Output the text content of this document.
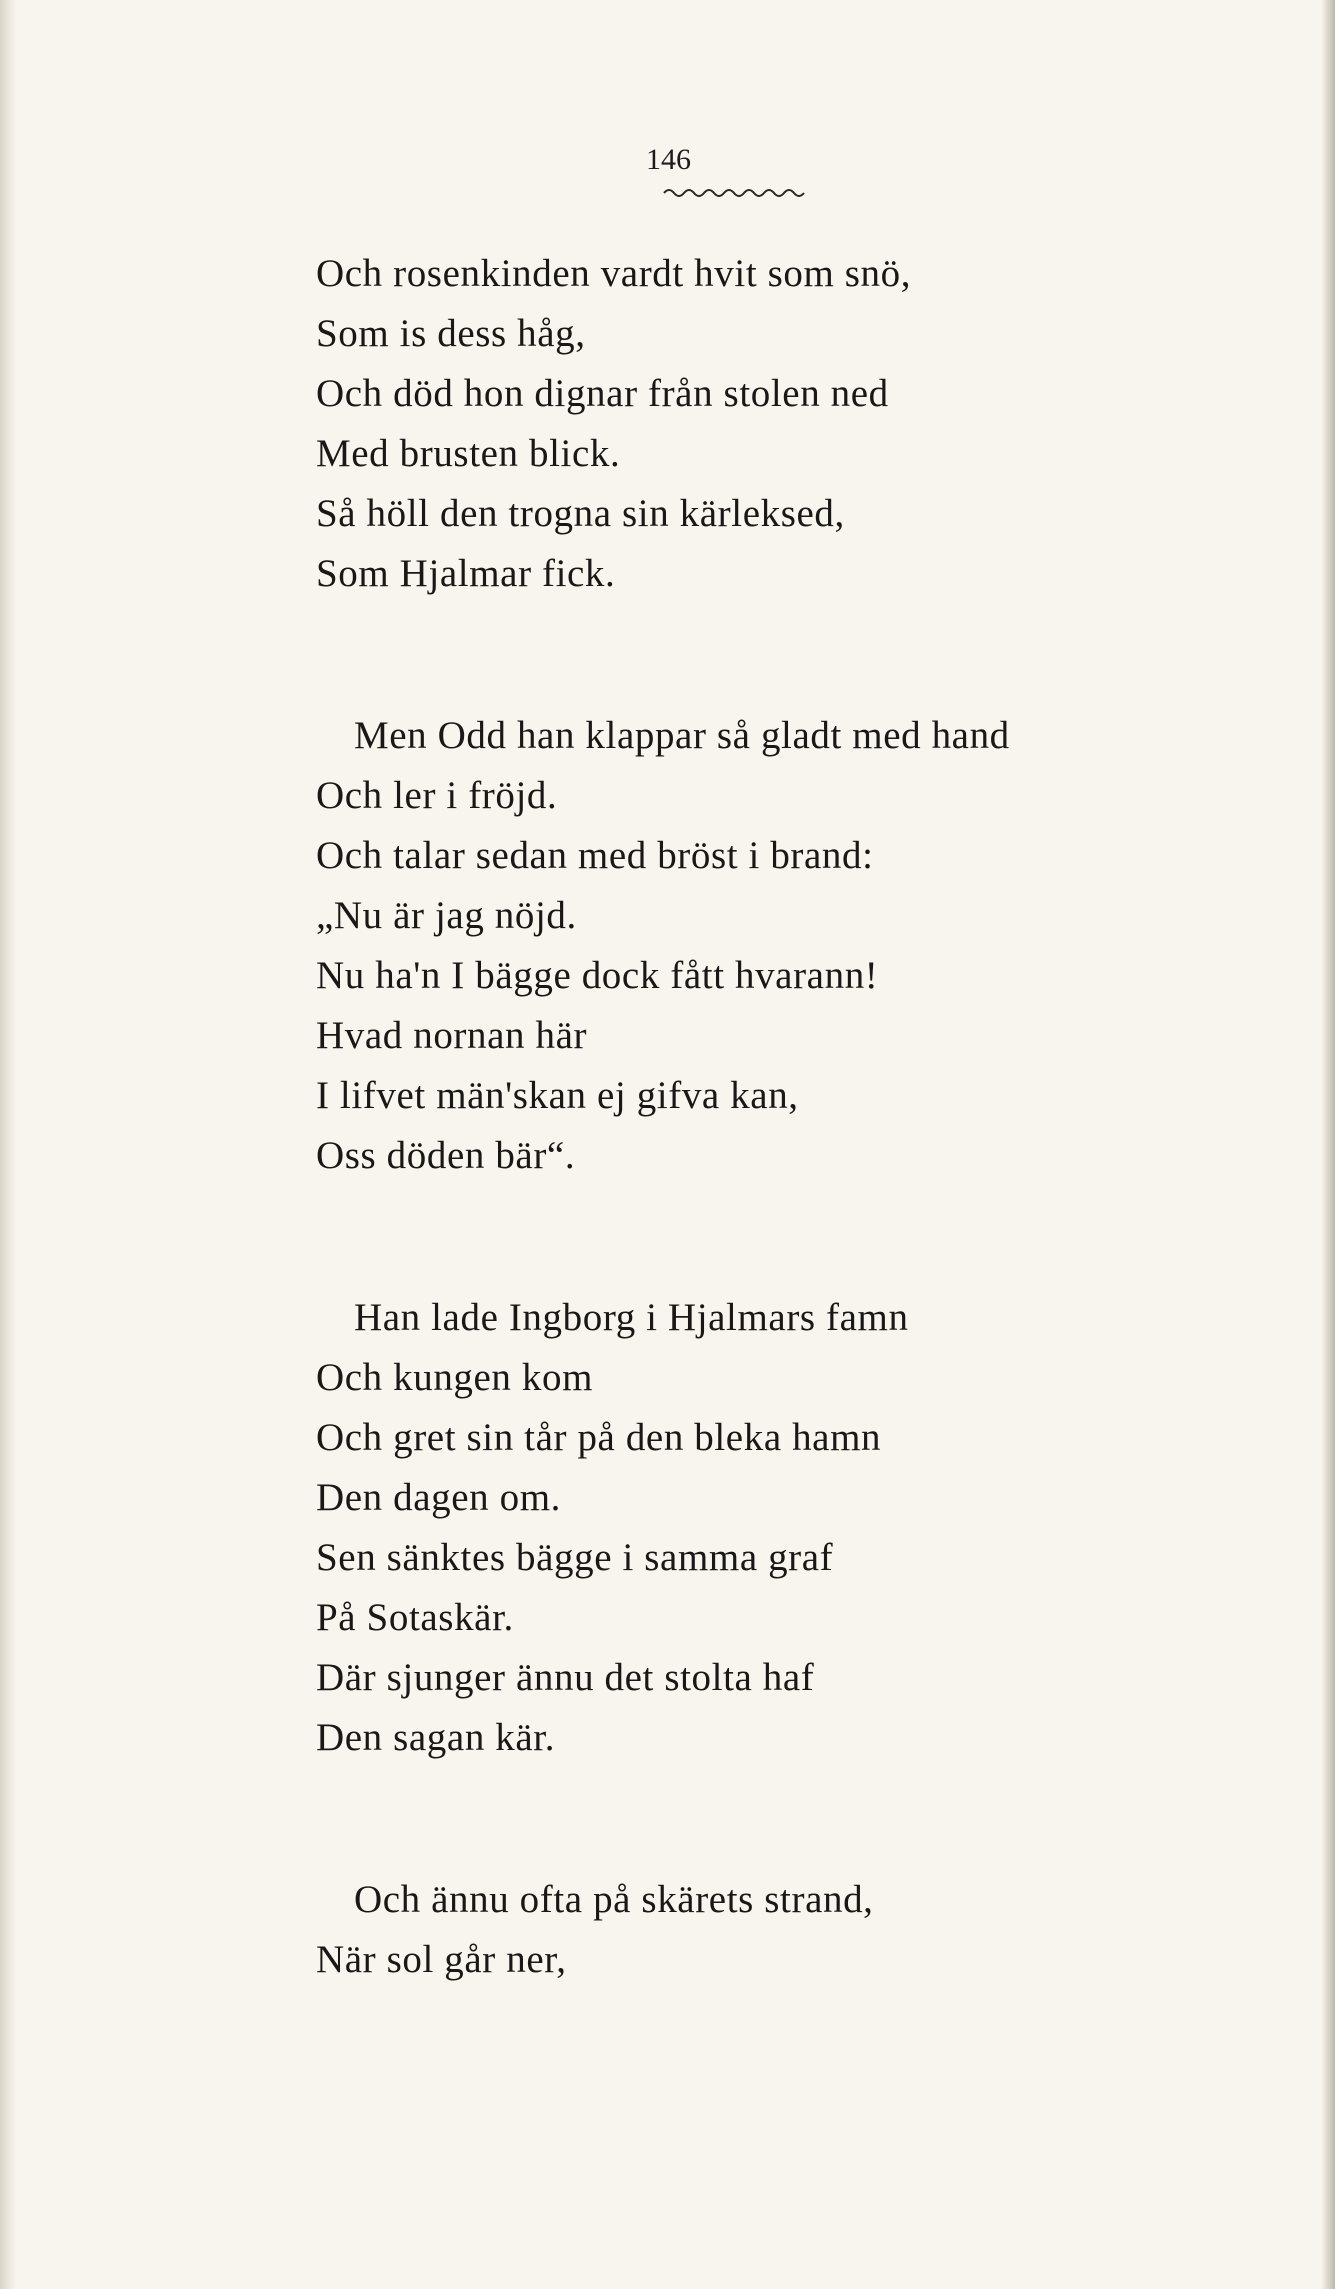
146
Och rosenkinden vardt hvit som snö,
Som is dess håg,
Och död hon dignar från stolen ned
Med brusten blick.
Så höll den trogna sin kärleksed,
Som Hjalmar fick.
Men Odd han klappar så gladt med hand
Och ler i fröjd.
Och talar sedan med bröst i brand:
„Nu är jag nöjd.
Nu ha'n I bägge dock fått hvarann!
Hvad nornan här
I lifvet män'skan ej gifva kan,
Oss döden bär“.
Han lade Ingborg i Hjalmars famn
Och kungen kom
Och gret sin tår på den bleka hamn
Den dagen om.
Sen sänktes bägge i samma graf
På Sotaskär.
Där sjunger ännu det stolta haf
Den sagan kär.
Och ännu ofta på skärets strand,
När sol går ner,
